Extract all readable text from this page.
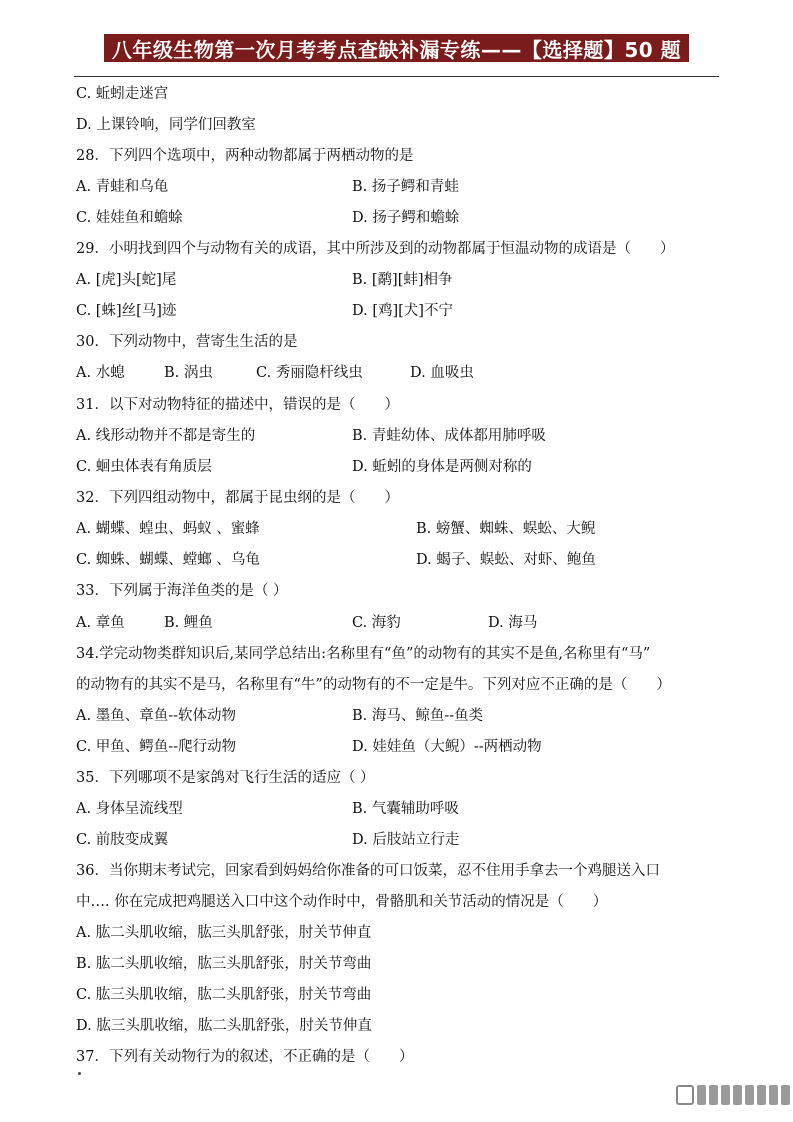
八年级生物第一次月考考点查缺补漏专练——【选择题】50 题
C. 蚯蚓走迷宫
D. 上课铃响，同学们回教室
28．下列四个选项中，两种动物都属于两栖动物的是
A. 青蛙和乌龟	B. 扬子鳄和青蛙
C. 娃娃鱼和蟾蜍	D. 扬子鳄和蟾蜍
29．小明找到四个与动物有关的成语，其中所涉及到的动物都属于恒温动物的成语是（　　）
A. [虎]头[蛇]尾	B. [鹬][蚌]相争
C. [蛛]丝[马]迹	D. [鸡][犬]不宁
30．下列动物中，营寄生生活的是
A. 水螅	B. 涡虫	C. 秀丽隐杆线虫	D. 血吸虫
31．以下对动物特征的描述中，错误的是（　　）
A. 线形动物并不都是寄生的	B. 青蛙幼体、成体都用肺呼吸
C. 蛔虫体表有角质层	D. 蚯蚓的身体是两侧对称的
32．下列四组动物中，都属于昆虫纲的是（　　）
A. 蝴蝶、蝗虫、蚂蚁 、蜜蜂	B. 螃蟹、蜘蛛、蜈蚣、大鲵
C. 蜘蛛、蝴蝶、螳螂 、乌龟	D. 蝎子、蜈蚣、对虾、鲍鱼
33．下列属于海洋鱼类的是（ ）
A. 章鱼	B. 鲤鱼	C. 海豹	D. 海马
34.学完动物类群知识后,某同学总结出:名称里有“鱼”的动物有的其实不是鱼,名称里有“马”
的动物有的其实不是马，名称里有“牛”的动物有的不一定是牛。下列对应不正确的是（　　）
A. 墨鱼、章鱼--软体动物	B. 海马、鲸鱼--鱼类
C. 甲鱼、鳄鱼--爬行动物	D. 娃娃鱼（大鲵）--两栖动物
35．下列哪项不是家鸽对飞行生活的适应（ ）
A. 身体呈流线型	B. 气囊辅助呼吸
C. 前肢变成翼	D. 后肢站立行走
36．当你期末考试完，回家看到妈妈给你准备的可口饭菜，忍不住用手拿去一个鸡腿送入口
中…. 你在完成把鸡腿送入口中这个动作时中，骨骼肌和关节活动的情况是（　　）
A. 肱二头肌收缩，肱三头肌舒张，肘关节伸直
B. 肱二头肌收缩，肱三头肌舒张，肘关节弯曲
C. 肱三头肌收缩，肱二头肌舒张，肘关节弯曲
D. 肱三头肌收缩，肱二头肌舒张，肘关节伸直
37．下列有关动物行为的叙述，不正确的是（　　）
